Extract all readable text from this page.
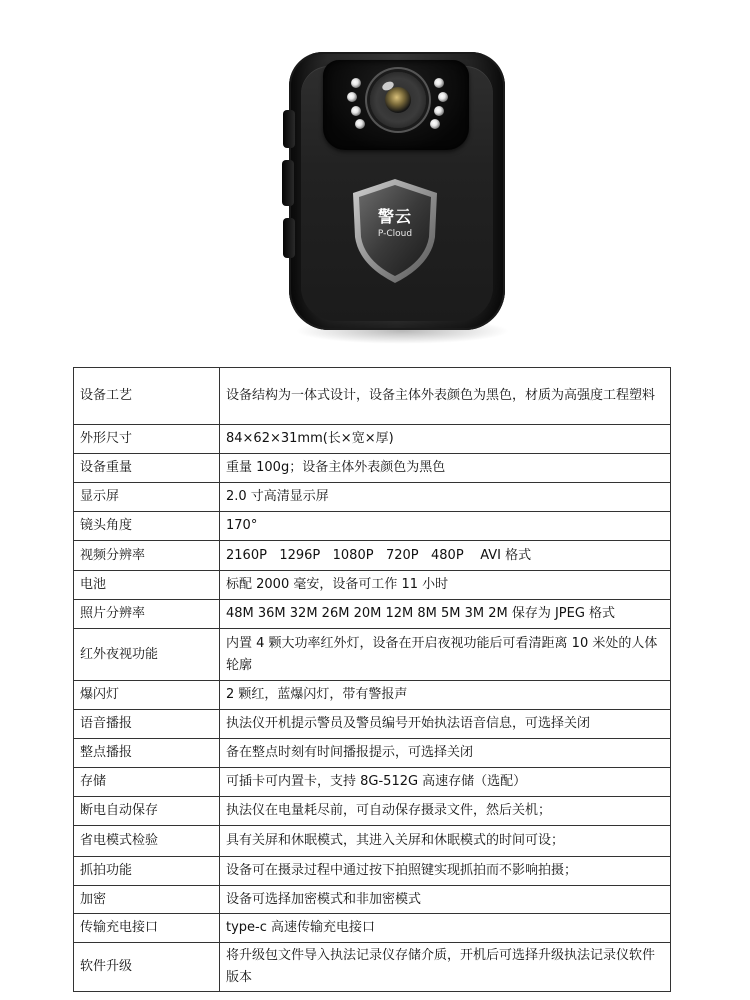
警云
P-Cloud
设备工艺	设备结构为一体式设计，设备主体外表颜色为黑色，材质为高强度工程塑料
外形尺寸	84×62×31mm(长×宽×厚)
设备重量	重量 100g；设备主体外表颜色为黑色
显示屏	2.0 寸高清显示屏
镜头角度	170°
视频分辨率	2160P   1296P   1080P   720P   480P    AVI 格式
电池	标配 2000 毫安，设备可工作 11 小时
照片分辨率	48M 36M 32M 26M 20M 12M 8M 5M 3M 2M 保存为 JPEG 格式
红外夜视功能	内置 4 颗大功率红外灯，设备在开启夜视功能后可看清距离 10 米处的人体轮廓
爆闪灯	2 颗红，蓝爆闪灯，带有警报声
语音播报	执法仪开机提示警员及警员编号开始执法语音信息，可选择关闭
整点播报	备在整点时刻有时间播报提示，可选择关闭
存储	可插卡可内置卡，支持 8G-512G 高速存储（选配）
断电自动保存	执法仪在电量耗尽前，可自动保存摄录文件，然后关机；
省电模式检验	具有关屏和休眠模式，其进入关屏和休眠模式的时间可设；
抓拍功能	设备可在摄录过程中通过按下拍照键实现抓拍而不影响拍摄；
加密	设备可选择加密模式和非加密模式
传输充电接口	type-c 高速传输充电接口
软件升级	将升级包文件导入执法记录仪存储介质，开机后可选择升级执法记录仪软件版本
